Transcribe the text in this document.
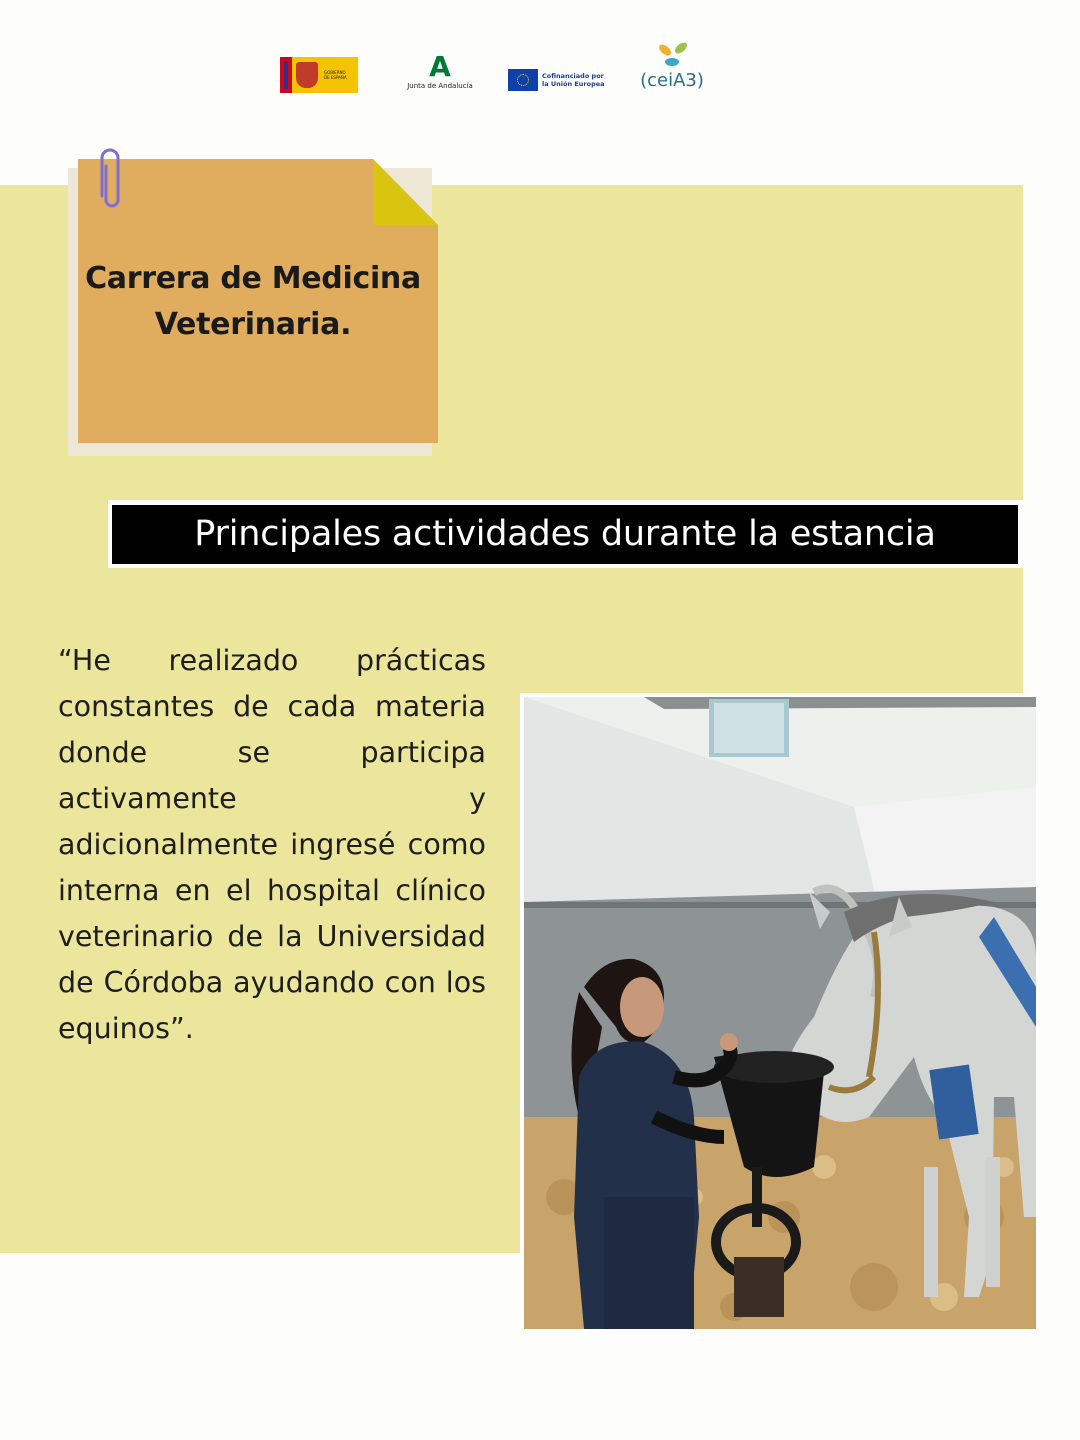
GOBIERNO
DE ESPAÑA	A
Junta de Andalucía
Cofinanciado por
la Unión Europea	(ceiA3)
Carrera de Medicina Veterinaria.
Principales actividades durante la estancia
“He realizado prácticas constantes de cada materia donde se participa activamente y adicionalmente ingresé como interna en el hospital clínico veterinario de la Universidad de Córdoba ayudando con los equinos”.
